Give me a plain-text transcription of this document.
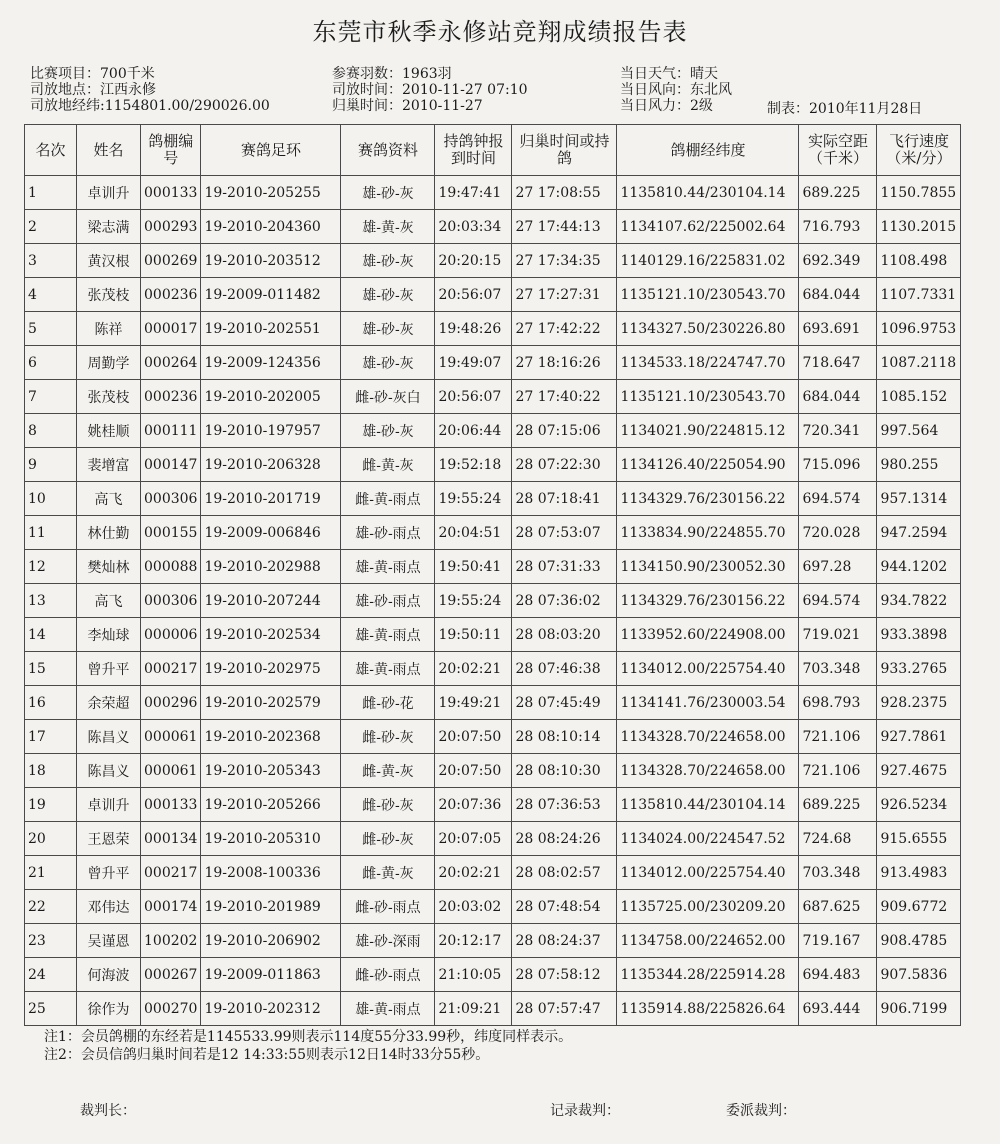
东莞市秋季永修站竞翔成绩报告表
比赛项目：700千米
司放地点：江西永修
司放地经纬:1154801.00/290026.00
参赛羽数：1963羽
司放时间：2010-11-27 07:10
归巢时间：2010-11-27
当日天气：晴天
当日风向：东北风
当日风力：2级	制表：2010年11月28日
名次	姓名	鸽棚编号	赛鸽足环	赛鸽资料	持鸽钟报到时间	归巢时间或持鸽	鸽棚经纬度	实际空距（千米）	飞行速度（米/分）
1	卓训升	000133	19-2010-205255	雄-砂-灰	19:47:41	27 17:08:55	1135810.44/230104.14	689.225	1150.7855
2	梁志满	000293	19-2010-204360	雄-黄-灰	20:03:34	27 17:44:13	1134107.62/225002.64	716.793	1130.2015
3	黄汉根	000269	19-2010-203512	雄-砂-灰	20:20:15	27 17:34:35	1140129.16/225831.02	692.349	1108.498
4	张茂枝	000236	19-2009-011482	雄-砂-灰	20:56:07	27 17:27:31	1135121.10/230543.70	684.044	1107.7331
5	陈祥	000017	19-2010-202551	雄-砂-灰	19:48:26	27 17:42:22	1134327.50/230226.80	693.691	1096.9753
6	周勤学	000264	19-2009-124356	雄-砂-灰	19:49:07	27 18:16:26	1134533.18/224747.70	718.647	1087.2118
7	张茂枝	000236	19-2010-202005	雌-砂-灰白	20:56:07	27 17:40:22	1135121.10/230543.70	684.044	1085.152
8	姚桂顺	000111	19-2010-197957	雄-砂-灰	20:06:44	28 07:15:06	1134021.90/224815.12	720.341	997.564
9	裴增富	000147	19-2010-206328	雌-黄-灰	19:52:18	28 07:22:30	1134126.40/225054.90	715.096	980.255
10	高飞	000306	19-2010-201719	雌-黄-雨点	19:55:24	28 07:18:41	1134329.76/230156.22	694.574	957.1314
11	林仕勤	000155	19-2009-006846	雄-砂-雨点	20:04:51	28 07:53:07	1133834.90/224855.70	720.028	947.2594
12	樊灿林	000088	19-2010-202988	雄-黄-雨点	19:50:41	28 07:31:33	1134150.90/230052.30	697.28	944.1202
13	高飞	000306	19-2010-207244	雄-砂-雨点	19:55:24	28 07:36:02	1134329.76/230156.22	694.574	934.7822
14	李灿球	000006	19-2010-202534	雄-黄-雨点	19:50:11	28 08:03:20	1133952.60/224908.00	719.021	933.3898
15	曾升平	000217	19-2010-202975	雄-黄-雨点	20:02:21	28 07:46:38	1134012.00/225754.40	703.348	933.2765
16	余荣超	000296	19-2010-202579	雌-砂-花	19:49:21	28 07:45:49	1134141.76/230003.54	698.793	928.2375
17	陈昌义	000061	19-2010-202368	雌-砂-灰	20:07:50	28 08:10:14	1134328.70/224658.00	721.106	927.7861
18	陈昌义	000061	19-2010-205343	雌-黄-灰	20:07:50	28 08:10:30	1134328.70/224658.00	721.106	927.4675
19	卓训升	000133	19-2010-205266	雌-砂-灰	20:07:36	28 07:36:53	1135810.44/230104.14	689.225	926.5234
20	王恩荣	000134	19-2010-205310	雌-砂-灰	20:07:05	28 08:24:26	1134024.00/224547.52	724.68	915.6555
21	曾升平	000217	19-2008-100336	雌-黄-灰	20:02:21	28 08:02:57	1134012.00/225754.40	703.348	913.4983
22	邓伟达	000174	19-2010-201989	雌-砂-雨点	20:03:02	28 07:48:54	1135725.00/230209.20	687.625	909.6772
23	吴谨恩	100202	19-2010-206902	雄-砂-深雨	20:12:17	28 08:24:37	1134758.00/224652.00	719.167	908.4785
24	何海波	000267	19-2009-011863	雌-砂-雨点	21:10:05	28 07:58:12	1135344.28/225914.28	694.483	907.5836
25	徐作为	000270	19-2010-202312	雄-黄-雨点	21:09:21	28 07:57:47	1135914.88/225826.64	693.444	906.7199
注1：会员鸽棚的东经若是1145533.99则表示114度55分33.99秒，纬度同样表示。
注2：会员信鸽归巢时间若是12 14:33:55则表示12日14时33分55秒。
裁判长：	记录裁判：	委派裁判：
